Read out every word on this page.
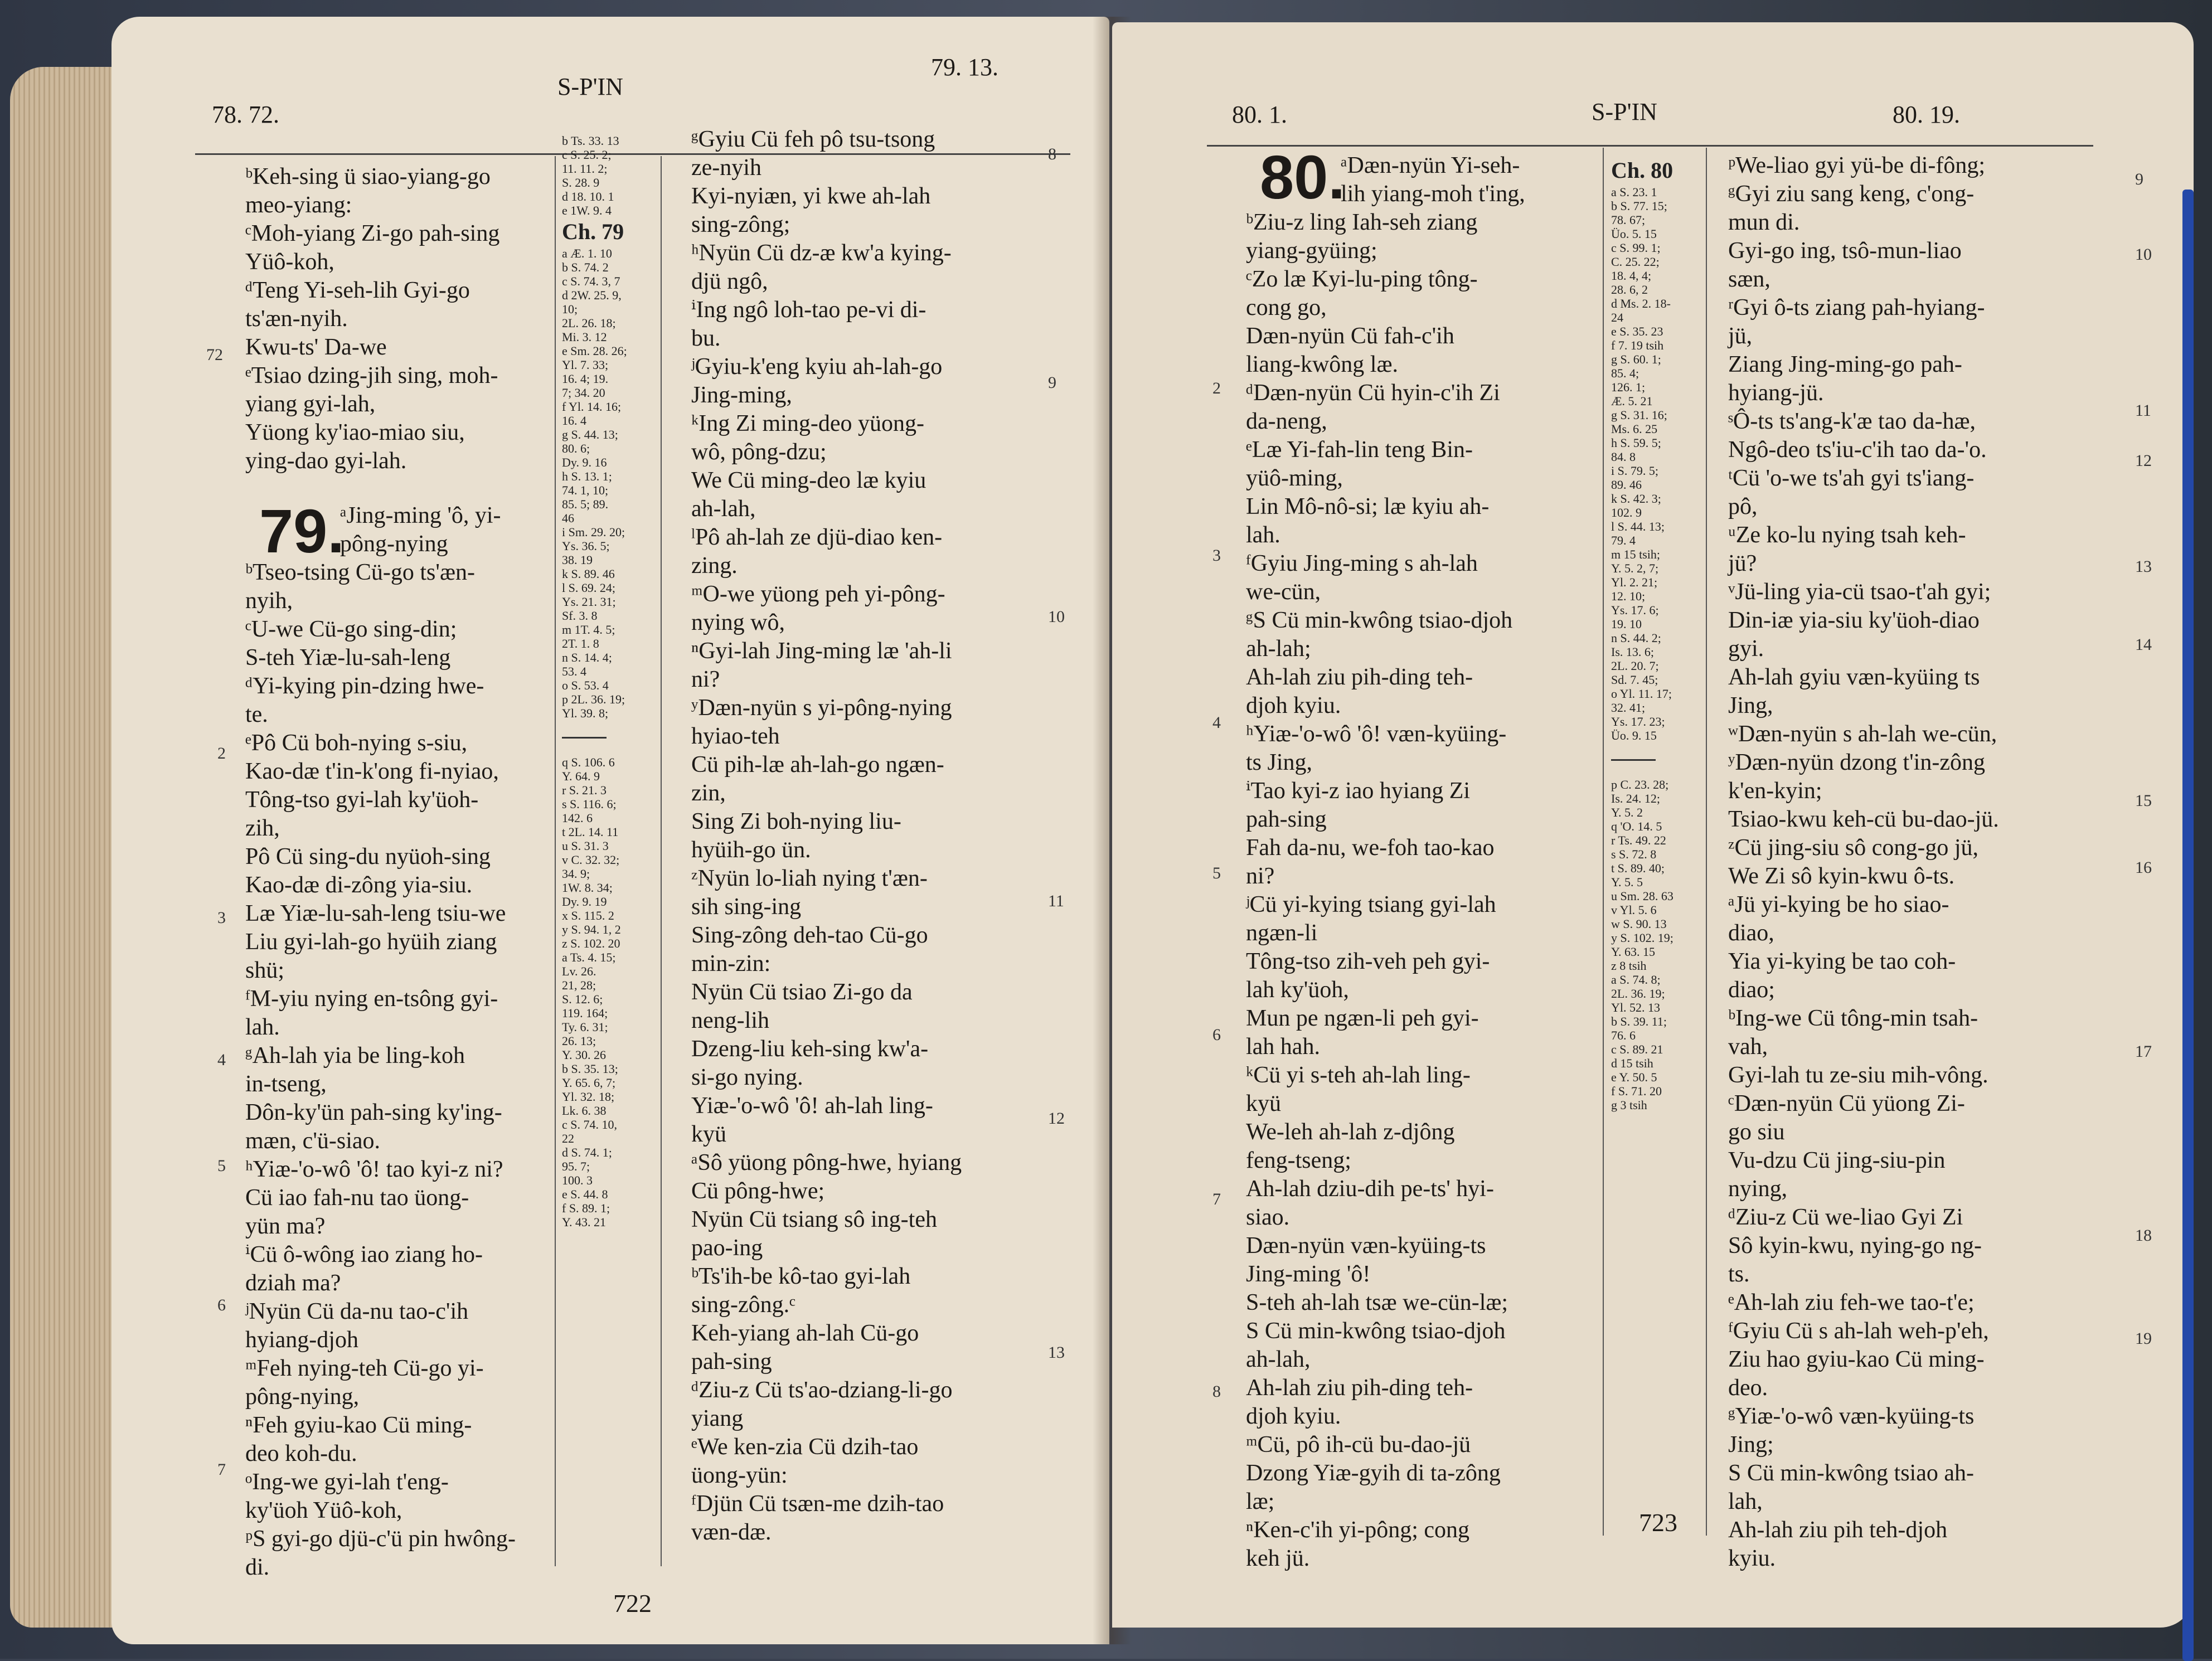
78. 72.
S-P'IN
79. 13.
ᵇKeh-sing ü siao-yiang-go
meo-yiang:
ᶜMoh-yiang Zi-go pah-sing
Yüô-koh,
ᵈTeng Yi-seh-lih Gyi-go
ts'æn-nyih.
Kwu-ts' Da-we
ᵉTsiao dzing-jih sing, moh-
yiang gyi-lah,
Yüong ky'iao-miao siu,
ying-dao gyi-lah.
72
79.
ᵃJing-ming 'ô, yi-
pông-nying
ᵇTseo-tsing Cü-go ts'æn-
nyih,
ᶜU-we Cü-go sing-din;
S-teh Yiæ-lu-sah-leng
ᵈYi-kying pin-dzing hwe-
te.
ᵉPô Cü boh-nying s-siu,
Kao-dæ t'in-k'ong fi-nyiao,
Tông-tso gyi-lah ky'üoh-
zih,
Pô Cü sing-du nyüoh-sing
Kao-dæ di-zông yia-siu.
Læ Yiæ-lu-sah-leng tsiu-we
Liu gyi-lah-go hyüih ziang
shü;
ᶠM-yiu nying en-tsông gyi-
lah.
ᵍAh-lah yia be ling-koh
in-tseng,
Dôn-ky'ün pah-sing ky'ing-
mæn, c'ü-siao.
ʰYiæ-'o-wô 'ô! tao kyi-z ni?
Cü iao fah-nu tao üong-
yün ma?
ⁱCü ô-wông iao ziang ho-
dziah ma?
ʲNyün Cü da-nu tao-c'ih
hyiang-djoh
ᵐFeh nying-teh Cü-go yi-
pông-nying,
ⁿFeh gyiu-kao Cü ming-
deo koh-du.
ᵒIng-we gyi-lah t'eng-
ky'üoh Yüô-koh,
ᵖS gyi-go djü-c'ü pin hwông-
di.
2
3
4
5
6
7
b Ts. 33. 13
c S. 25. 2;
11. 11. 2;
S. 28. 9
d 18. 10. 1
e 1W. 9. 4
Ch. 79
a Æ. 1. 10
b S. 74. 2
c S. 74. 3, 7
d 2W. 25. 9,
10;
2L. 26. 18;
Mi. 3. 12
e Sm. 28. 26;
Yl. 7. 33;
16. 4; 19.
7; 34. 20
f Yl. 14. 16;
16. 4
g S. 44. 13;
80. 6;
Dy. 9. 16
h S. 13. 1;
74. 1, 10;
85. 5; 89.
46
i Sm. 29. 20;
Ys. 36. 5;
38. 19
k S. 89. 46
l S. 69. 24;
Ys. 21. 31;
Sf. 3. 8
m 1T. 4. 5;
2T. 1. 8
n S. 14. 4;
53. 4
o S. 53. 4
p 2L. 36. 19;
Yl. 39. 8;
q S. 106. 6
Y. 64. 9
r S. 21. 3
s S. 116. 6;
142. 6
t 2L. 14. 11
u S. 31. 3
v C. 32. 32;
34. 9;
1W. 8. 34;
Dy. 9. 19
x S. 115. 2
y S. 94. 1, 2
z S. 102. 20
a Ts. 4. 15;
Lv. 26.
21, 28;
S. 12. 6;
119. 164;
Ty. 6. 31;
26. 13;
Y. 30. 26
b S. 35. 13;
Y. 65. 6, 7;
Yl. 32. 18;
Lk. 6. 38
c S. 74. 10,
22
d S. 74. 1;
95. 7;
100. 3
e S. 44. 8
f S. 89. 1;
Y. 43. 21
ᵍGyiu Cü feh pô tsu-tsong
ze-nyih
Kyi-nyiæn, yi kwe ah-lah
sing-zông;
ʰNyün Cü dz-æ kw'a kying-
djü ngô,
ⁱIng ngô loh-tao pe-vi di-
bu.
ʲGyiu-k'eng kyiu ah-lah-go
Jing-ming,
ᵏIng Zi ming-deo yüong-
wô, pông-dzu;
We Cü ming-deo læ kyiu
ah-lah,
ˡPô ah-lah ze djü-diao ken-
zing.
ᵐO-we yüong peh yi-pông-
nying wô,
ⁿGyi-lah Jing-ming læ 'ah-li
ni?
ʸDæn-nyün s yi-pông-nying
hyiao-teh
Cü pih-læ ah-lah-go ngæn-
zin,
Sing Zi boh-nying liu-
hyüih-go ün.
ᶻNyün lo-liah nying t'æn-
sih sing-ing
Sing-zông deh-tao Cü-go
min-zin:
Nyün Cü tsiao Zi-go da
neng-lih
Dzeng-liu keh-sing kw'a-
si-go nying.
Yiæ-'o-wô 'ô! ah-lah ling-
kyü
ᵃSô yüong pông-hwe, hyiang
Cü pông-hwe;
Nyün Cü tsiang sô ing-teh
pao-ing
ᵇTs'ih-be kô-tao gyi-lah
sing-zông.ᶜ
Keh-yiang ah-lah Cü-go
pah-sing
ᵈZiu-z Cü ts'ao-dziang-li-go
yiang
ᵉWe ken-zia Cü dzih-tao
üong-yün:
ᶠDjün Cü tsæn-me dzih-tao
væn-dæ.
8
9
10
11
12
13
722
80. 1.	S-P'IN	80. 19.
80.
ᵃDæn-nyün Yi-seh-
lih yiang-moh t'ing,
ᵇZiu-z ling Iah-seh ziang
yiang-gyüing;
ᶜZo læ Kyi-lu-ping tông-
cong go,
Dæn-nyün Cü fah-c'ih
liang-kwông læ.
ᵈDæn-nyün Cü hyin-c'ih Zi
da-neng,
ᵉLæ Yi-fah-lin teng Bin-
yüô-ming,
Lin Mô-nô-si; læ kyiu ah-
lah.
ᶠGyiu Jing-ming s ah-lah
we-cün,
ᵍS Cü min-kwông tsiao-djoh
ah-lah;
Ah-lah ziu pih-ding teh-
djoh kyiu.
ʰYiæ-'o-wô 'ô! væn-kyüing-
ts Jing,
ⁱTao kyi-z iao hyiang Zi
pah-sing
Fah da-nu, we-foh tao-kao
ni?
ʲCü yi-kying tsiang gyi-lah
ngæn-li
Tông-tso zih-veh peh gyi-
lah ky'üoh,
Mun pe ngæn-li peh gyi-
lah hah.
ᵏCü yi s-teh ah-lah ling-
kyü
We-leh ah-lah z-djông
feng-tseng;
Ah-lah dziu-dih pe-ts' hyi-
siao.
Dæn-nyün væn-kyüing-ts
Jing-ming 'ô!
S-teh ah-lah tsæ we-cün-læ;
S Cü min-kwông tsiao-djoh
ah-lah,
Ah-lah ziu pih-ding teh-
djoh kyiu.
ᵐCü, pô ih-cü bu-dao-jü
Dzong Yiæ-gyih di ta-zông
læ;
ⁿKen-c'ih yi-pông; cong
keh jü.
2
3
4
5
6
7
8
Ch. 80
a S. 23. 1
b S. 77. 15;
78. 67;
Üo. 5. 15
c S. 99. 1;
C. 25. 22;
18. 4, 4;
28. 6, 2
d Ms. 2. 18-
24
e S. 35. 23
f 7. 19 tsih
g S. 60. 1;
85. 4;
126. 1;
Æ. 5. 21
g S. 31. 16;
Ms. 6. 25
h S. 59. 5;
84. 8
i S. 79. 5;
89. 46
k S. 42. 3;
102. 9
l S. 44. 13;
79. 4
m 15 tsih;
Y. 5. 2, 7;
Yl. 2. 21;
12. 10;
Ys. 17. 6;
19. 10
n S. 44. 2;
Is. 13. 6;
2L. 20. 7;
Sd. 7. 45;
o Yl. 11. 17;
32. 41;
Ys. 17. 23;
Üo. 9. 15
p C. 23. 28;
Is. 24. 12;
Y. 5. 2
q 'O. 14. 5
r Ts. 49. 22
s S. 72. 8
t S. 89. 40;
Y. 5. 5
u Sm. 28. 63
v Yl. 5. 6
w S. 90. 13
y S. 102. 19;
Y. 63. 15
z 8 tsih
a S. 74. 8;
2L. 36. 19;
Yl. 52. 13
b S. 39. 11;
76. 6
c S. 89. 21
d 15 tsih
e Y. 50. 5
f S. 71. 20
g 3 tsih
ᵖWe-liao gyi yü-be di-fông;
ᵍGyi ziu sang keng, c'ong-
mun di.
Gyi-go ing, tsô-mun-liao
sæn,
ʳGyi ô-ts ziang pah-hyiang-
jü,
Ziang Jing-ming-go pah-
hyiang-jü.
ˢÔ-ts ts'ang-k'æ tao da-hæ,
Ngô-deo ts'iu-c'ih tao da-'o.
ᵗCü 'o-we ts'ah gyi ts'iang-
pô,
ᵘZe ko-lu nying tsah keh-
jü?
ᵛJü-ling yia-cü tsao-t'ah gyi;
Din-iæ yia-siu ky'üoh-diao
gyi.
Ah-lah gyiu væn-kyüing ts
Jing,
ʷDæn-nyün s ah-lah we-cün,
ʸDæn-nyün dzong t'in-zông
k'en-kyin;
Tsiao-kwu keh-cü bu-dao-jü.
ᶻCü jing-siu sô cong-go jü,
We Zi sô kyin-kwu ô-ts.
ᵃJü yi-kying be ho siao-
diao,
Yia yi-kying be tao coh-
diao;
ᵇIng-we Cü tông-min tsah-
vah,
Gyi-lah tu ze-siu mih-vông.
ᶜDæn-nyün Cü yüong Zi-
go siu
Vu-dzu Cü jing-siu-pin
nying,
ᵈZiu-z Cü we-liao Gyi Zi
Sô kyin-kwu, nying-go ng-
ts.
ᵉAh-lah ziu feh-we tao-t'e;
ᶠGyiu Cü s ah-lah weh-p'eh,
Ziu hao gyiu-kao Cü ming-
deo.
ᵍYiæ-'o-wô væn-kyüing-ts
Jing;
S Cü min-kwông tsiao ah-
lah,
Ah-lah ziu pih teh-djoh
kyiu.
9
10
11
12
13
14
15
16
17
18
19
723
